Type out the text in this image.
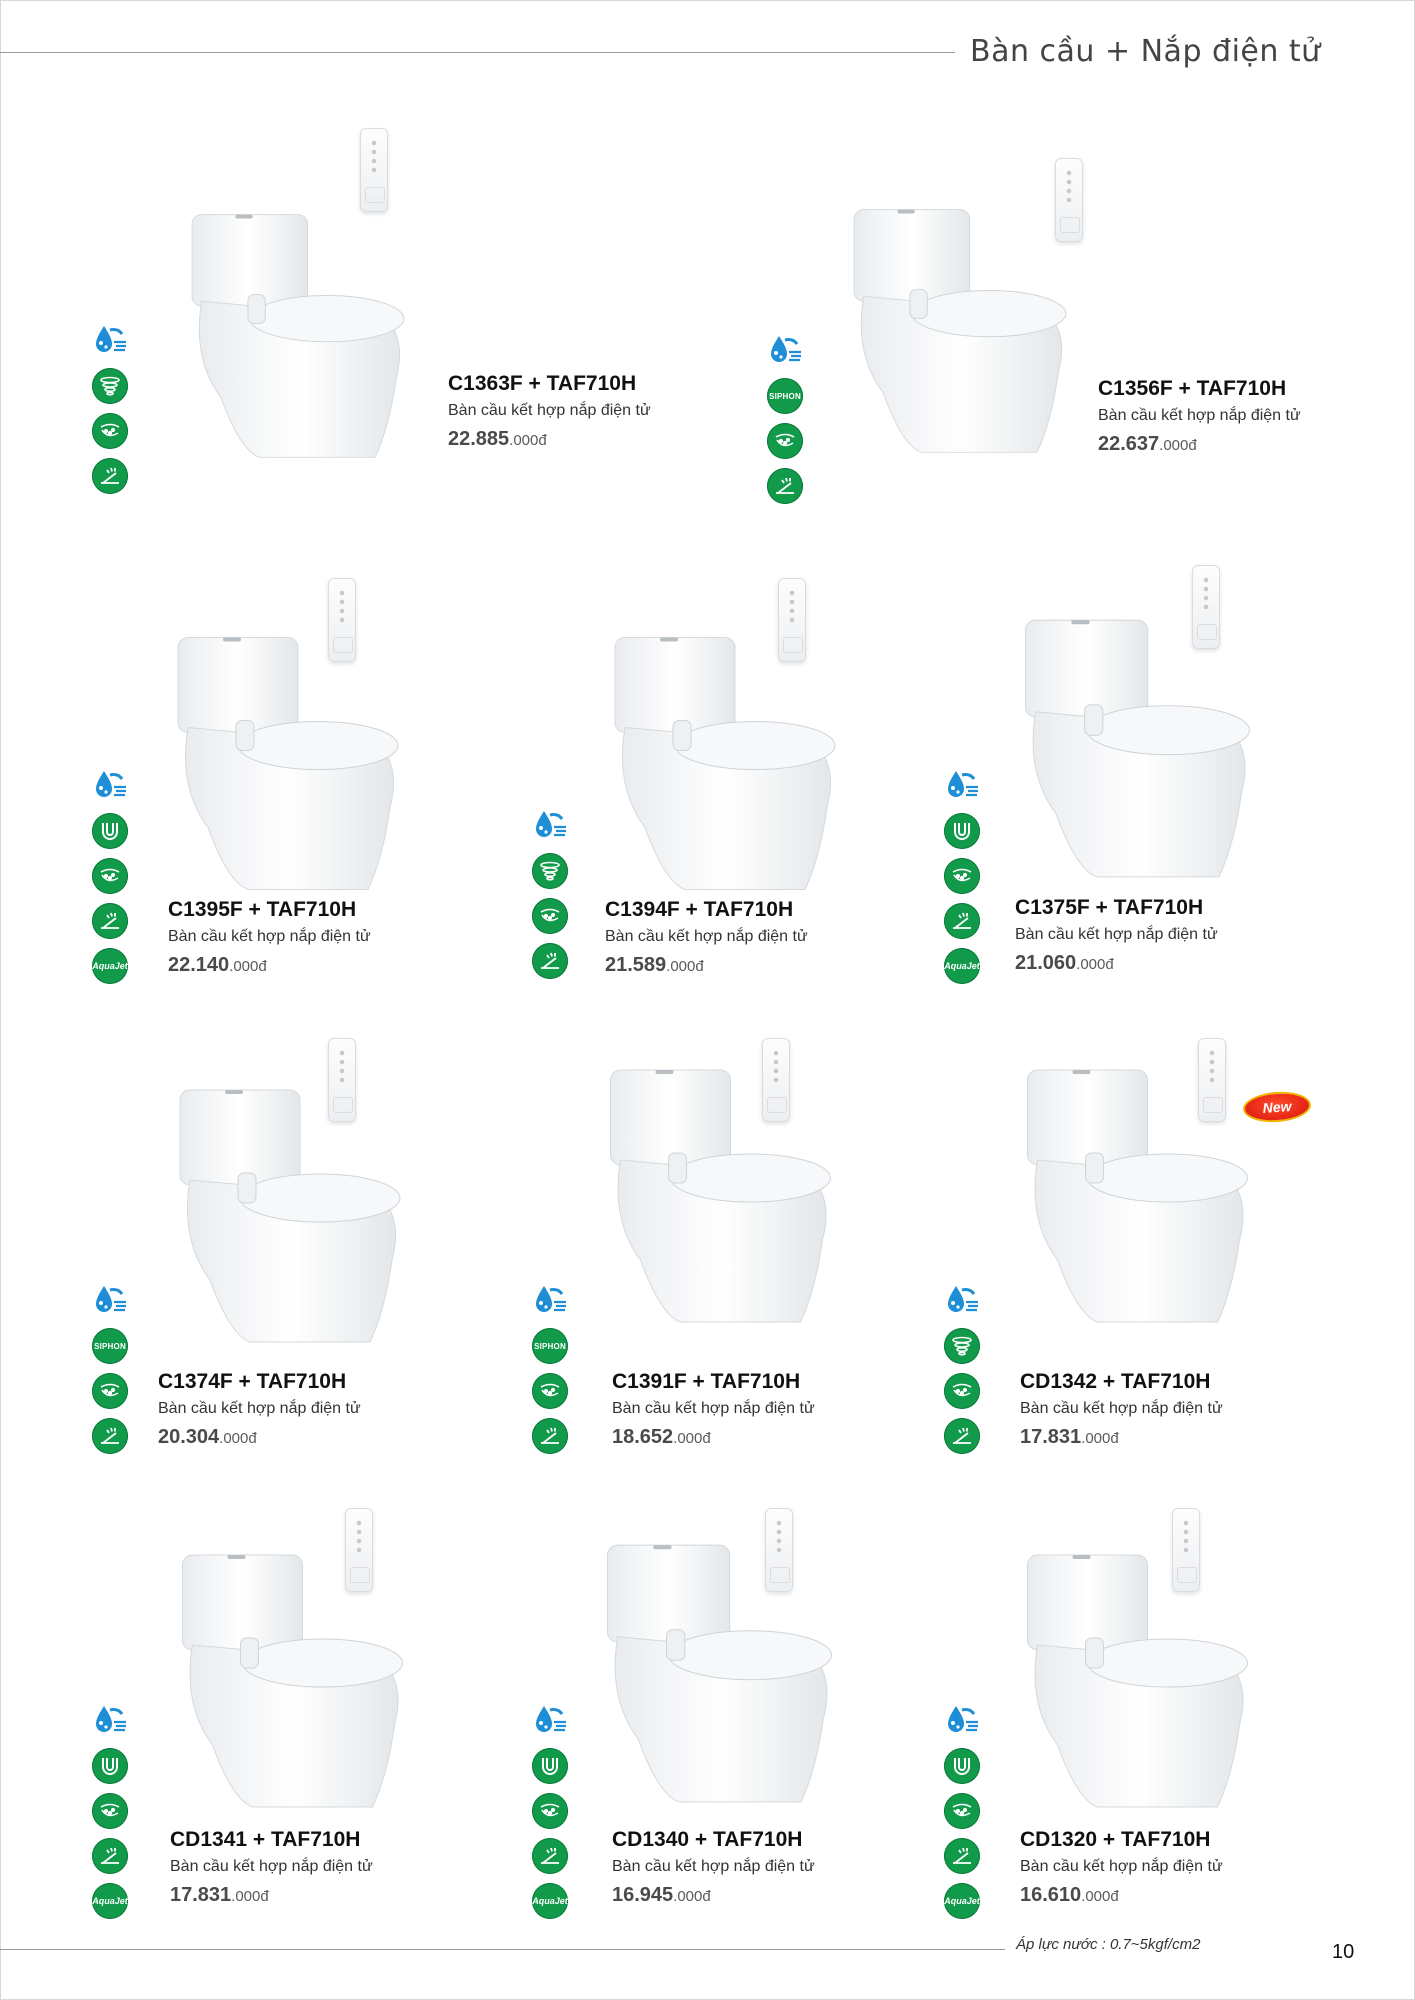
Bàn cầu + Nắp điện tử

C1363F + TAF710H

Bàn cầu kết hợp nắp điện tử

22.885.000đ

SIPHON	C1356F + TAF710H

Bàn cầu kết hợp nắp điện tử

22.637.000đ

Aqua Jet

C1395F + TAF710H

Bàn cầu kết hợp nắp điện tử

22.140.000đ

C1394F + TAF710H

Bàn cầu kết hợp nắp điện tử

21.589.000đ	Aqua Jet

C1375F + TAF710H

Bàn cầu kết hợp nắp điện tử

21.060.000đ

SIPHON

C1374F + TAF710H

Bàn cầu kết hợp nắp điện tử

20.304.000đ

SIPHON

C1391F + TAF710H

Bàn cầu kết hợp nắp điện tử

18.652.000đ

CD1342 + TAF710H

Bàn cầu kết hợp nắp điện tử

17.831.000đ

Aqua Jet

CD1341 + TAF710H

Bàn cầu kết hợp nắp điện tử

17.831.000đ	Aqua Jet

CD1340 + TAF710H

Bàn cầu kết hợp nắp điện tử

16.945.000đ	Aqua Jet

CD1320 + TAF710H

Bàn cầu kết hợp nắp điện tử

16.610.000đ

New
Áp lực nước : 0.7~5kgf/cm2	10
